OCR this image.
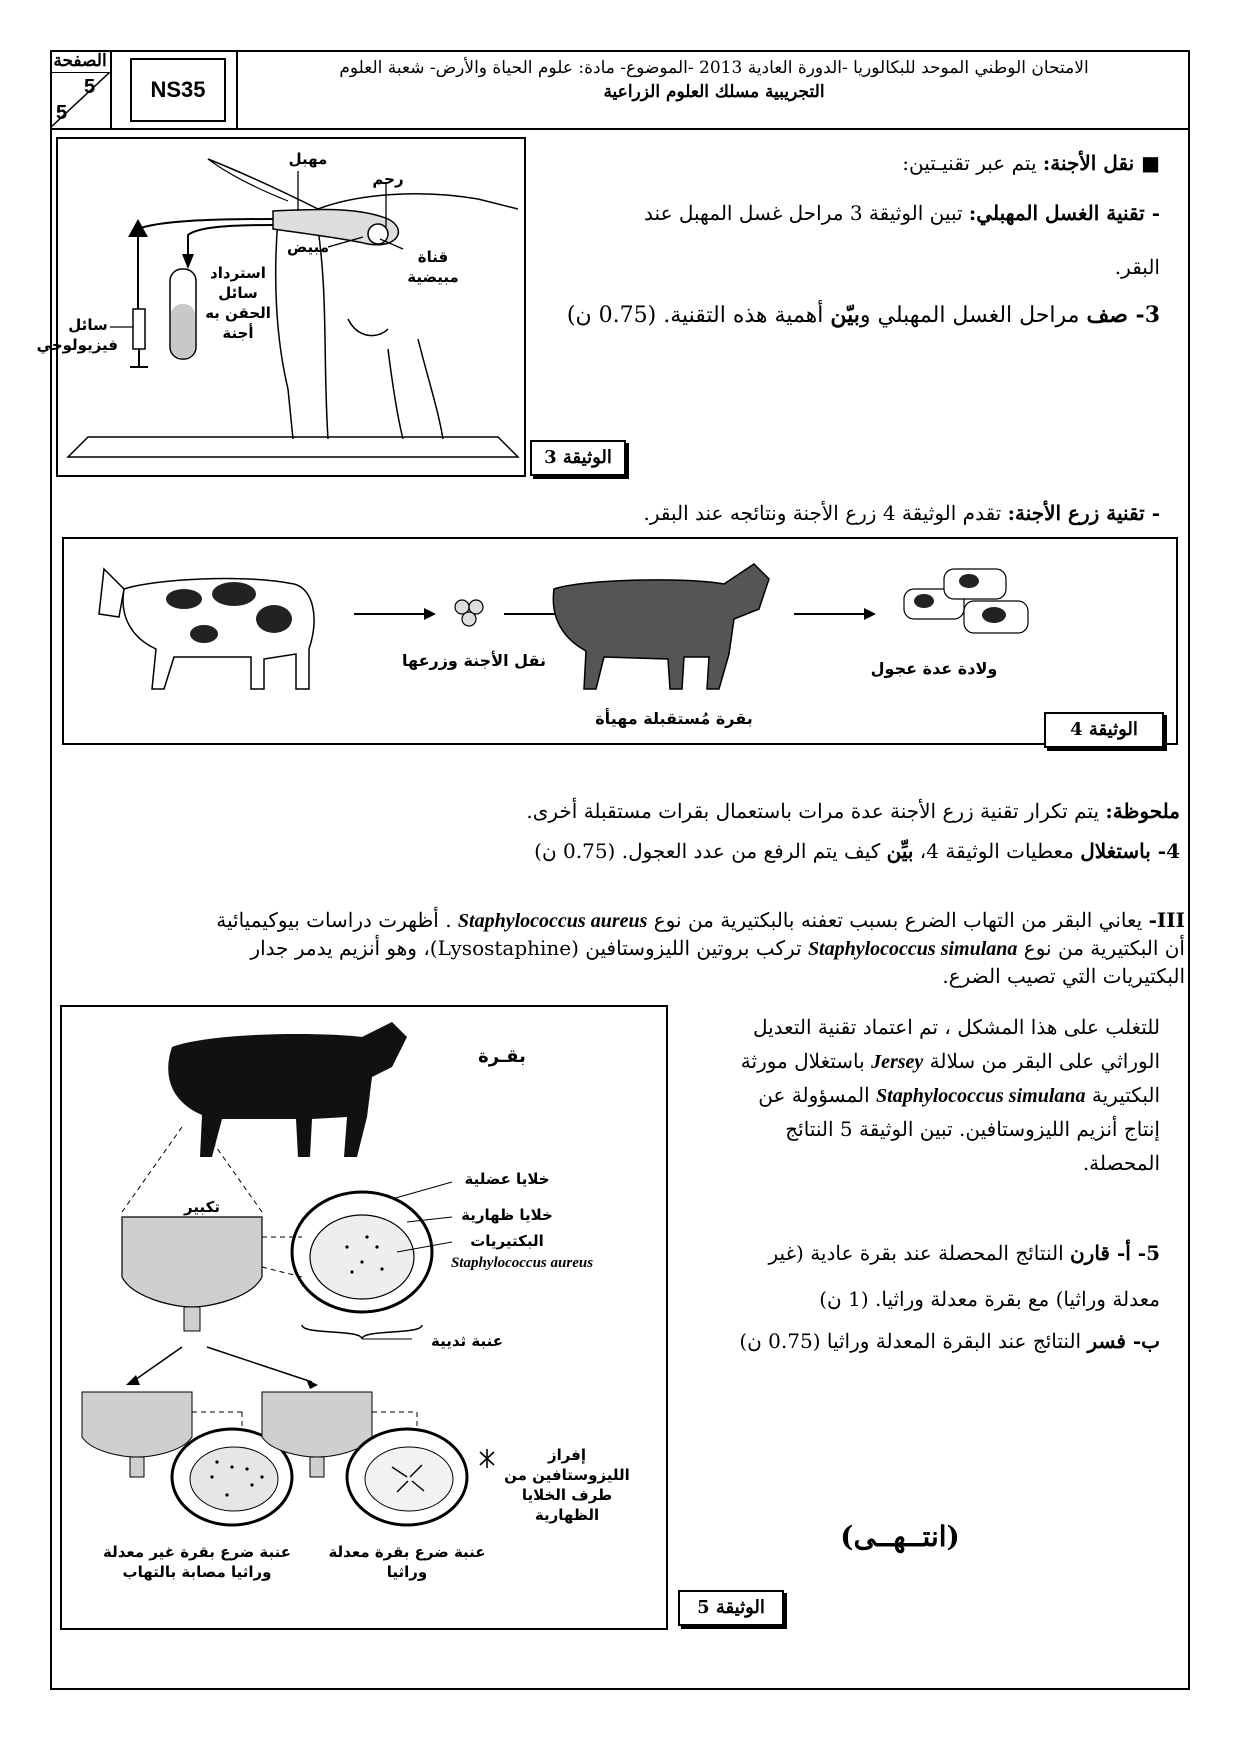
الصفحة
5
5
NS35
الامتحان الوطني الموحد للبكالوريا -الدورة العادية 2013 -الموضوع- مادة: علوم الحياة والأرض- شعبة العلوم
التجريبية مسلك العلوم الزراعية
مهبل
رحم
مبيض
قناة مبيضية
استرداد سائل الحقن به أجنة
سائل فيزيولوجي
الوثيقة 3
■ نقل الأجنة: يتم عبر تقنيـتين:
- تقنية الغسل المهبلي: تبين الوثيقة 3 مراحل غسل المهبل عند
البقر.
3- صف مراحل الغسل المهبلي وبيّن أهمية هذه التقنية. (0.75 ن)
- تقنية زرع الأجنة: تقدم الوثيقة 4 زرع الأجنة ونتائجه عند البقر.
نقل الأجنة وزرعها
بقرة مُستقبلة مهيأة
ولادة عدة عجول
الوثيقة 4
ملحوظة: يتم تكرار تقنية زرع الأجنة عدة مرات باستعمال بقرات مستقبلة أخرى.
4- باستغلال معطيات الوثيقة 4، بيِّن كيف يتم الرفع من عدد العجول. (0.75 ن)
III- يعاني البقر من التهاب الضرع بسبب تعفنه بالبكتيرية من نوع Staphylococcus aureus . أظهرت دراسات بيوكيميائية
أن البكتيرية من نوع Staphylococcus simulana تركب بروتين الليزوستافين (Lysostaphine)، وهو أنزيم يدمر جدار
البكتيريات التي تصيب الضرع.
للتغلب على هذا المشكل ، تم اعتماد تقنية التعديل
الوراثي على البقر من سلالة Jersey باستغلال مورثة
البكتيرية Staphylococcus simulana المسؤولة عن
إنتاج أنزيم الليزوستافين. تبين الوثيقة 5 النتائج
المحصلة.
5- أ- قارن النتائج المحصلة عند بقرة عادية (غير
معدلة وراثيا) مع بقرة معدلة وراثيا. (1 ن)
ب- فسر النتائج عند البقرة المعدلة وراثيا (0.75 ن)
بقـرة
تكبير
خلايا عضلية
خلايا ظهارية
البكتيريات
Staphylococcus aureus
عنبة ثديية
إفراز الليزوستافين من طرف الخلايا الظهارية
عنبة ضرع بقرة معدلة وراثيا
عنبة ضرع بقرة غير معدلة وراثيا مصابة بالتهاب
الوثيقة 5
(انتــهــى)
